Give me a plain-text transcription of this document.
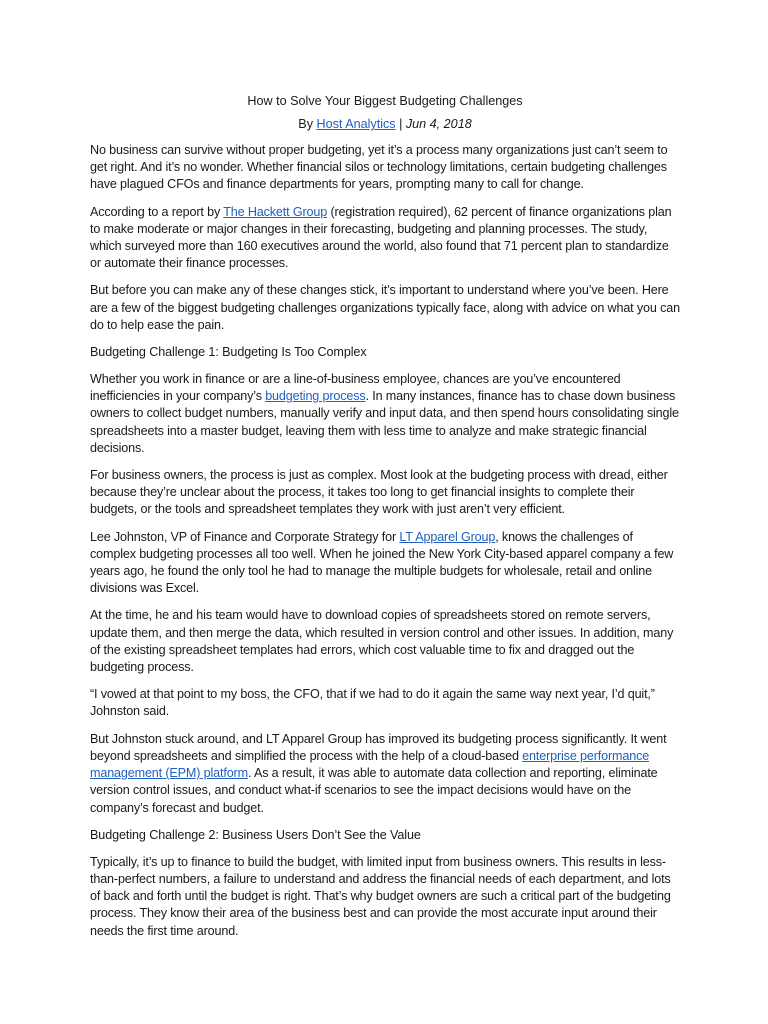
How to Solve Your Biggest Budgeting Challenges
By Host Analytics | Jun 4, 2018

No business can survive without proper budgeting, yet it’s a process many organizations just can’t seem to get right. And it’s no wonder. Whether financial silos or technology limitations, certain budgeting challenges have plagued CFOs and finance departments for years, prompting many to call for change.

According to a report by The Hackett Group (registration required), 62 percent of finance organizations plan to make moderate or major changes in their forecasting, budgeting and planning processes. The study, which surveyed more than 160 executives around the world, also found that 71 percent plan to standardize or automate their finance processes.

But before you can make any of these changes stick, it’s important to understand where you’ve been. Here are a few of the biggest budgeting challenges organizations typically face, along with advice on what you can do to help ease the pain.

Budgeting Challenge 1: Budgeting Is Too Complex

Whether you work in finance or are a line-of-business employee, chances are you’ve encountered inefficiencies in your company’s budgeting process. In many instances, finance has to chase down business owners to collect budget numbers, manually verify and input data, and then spend hours consolidating single spreadsheets into a master budget, leaving them with less time to analyze and make strategic financial decisions.

For business owners, the process is just as complex. Most look at the budgeting process with dread, either because they’re unclear about the process, it takes too long to get financial insights to complete their budgets, or the tools and spreadsheet templates they work with just aren’t very efficient.

Lee Johnston, VP of Finance and Corporate Strategy for LT Apparel Group, knows the challenges of complex budgeting processes all too well. When he joined the New York City-based apparel company a few years ago, he found the only tool he had to manage the multiple budgets for wholesale, retail and online divisions was Excel.

At the time, he and his team would have to download copies of spreadsheets stored on remote servers, update them, and then merge the data, which resulted in version control and other issues. In addition, many of the existing spreadsheet templates had errors, which cost valuable time to fix and dragged out the budgeting process.

“I vowed at that point to my boss, the CFO, that if we had to do it again the same way next year, I’d quit,” Johnston said.

But Johnston stuck around, and LT Apparel Group has improved its budgeting process significantly. It went beyond spreadsheets and simplified the process with the help of a cloud-based enterprise performance management (EPM) platform. As a result, it was able to automate data collection and reporting, eliminate version control issues, and conduct what-if scenarios to see the impact decisions would have on the company’s forecast and budget.

Budgeting Challenge 2: Business Users Don’t See the Value

Typically, it’s up to finance to build the budget, with limited input from business owners. This results in less-than-perfect numbers, a failure to understand and address the financial needs of each department, and lots of back and forth until the budget is right. That’s why budget owners are such a critical part of the budgeting process. They know their area of the business best and can provide the most accurate input around their needs the first time around.
